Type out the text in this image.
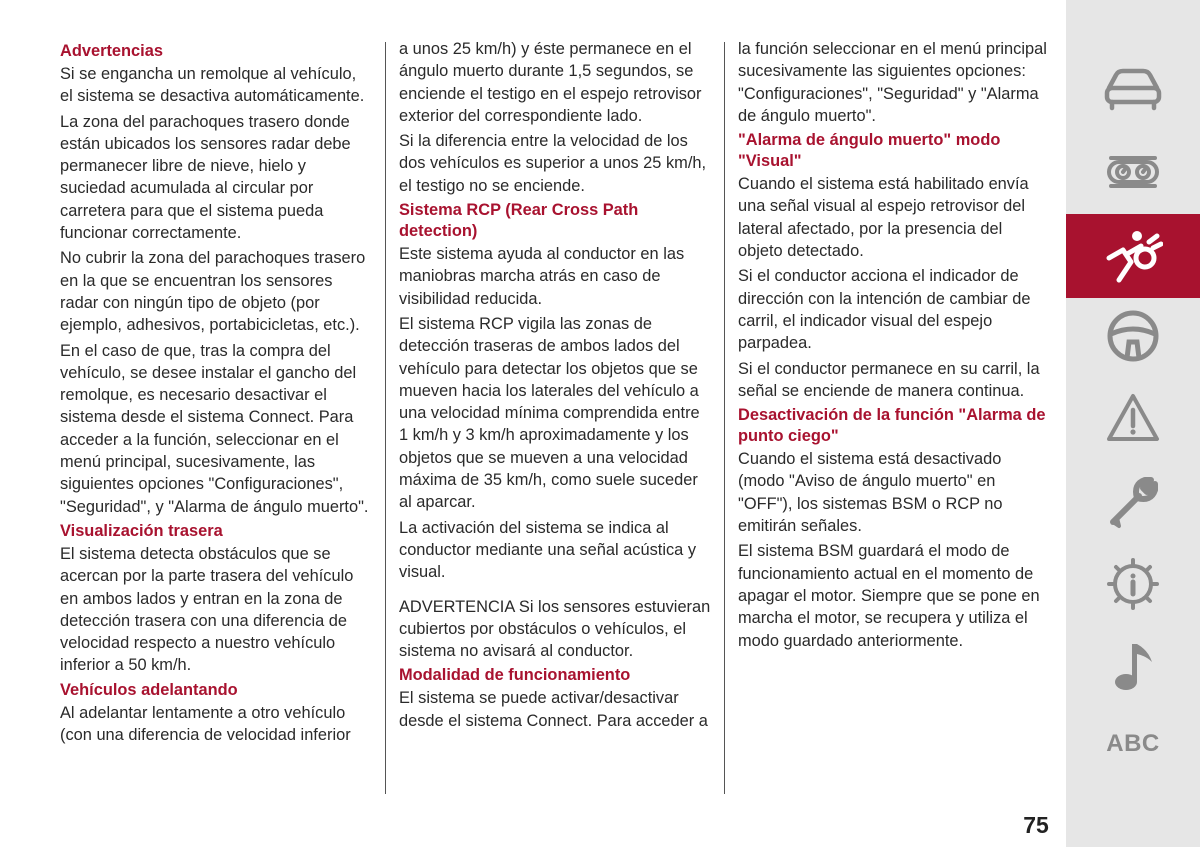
Advertencias

Si se engancha un remolque al vehículo, el sistema se desactiva automáticamente.

La zona del parachoques trasero donde están ubicados los sensores radar debe permanecer libre de nieve, hielo y suciedad acumulada al circular por carretera para que el sistema pueda funcionar correctamente.

No cubrir la zona del parachoques trasero en la que se encuentran los sensores radar con ningún tipo de objeto (por ejemplo, adhesivos, portabicicletas, etc.).

En el caso de que, tras la compra del vehículo, se desee instalar el gancho del remolque, es necesario desactivar el sistema desde el sistema Connect. Para acceder a la función, seleccionar en el menú principal, sucesivamente, las siguientes opciones "Configuraciones", "Seguridad", y "Alarma de ángulo muerto".

Visualización trasera

El sistema detecta obstáculos que se acercan por la parte trasera del vehículo en ambos lados y entran en la zona de detección trasera con una diferencia de velocidad respecto a nuestro vehículo inferior a 50 km/h.

Vehículos adelantando

Al adelantar lentamente a otro vehículo (con una diferencia de velocidad inferior

a unos 25 km/h) y éste permanece en el ángulo muerto durante 1,5 segundos, se enciende el testigo en el espejo retrovisor exterior del correspondiente lado.

Si la diferencia entre la velocidad de los dos vehículos es superior a unos 25 km/h, el testigo no se enciende.

Sistema RCP (Rear Cross Path detection)

Este sistema ayuda al conductor en las maniobras marcha atrás en caso de visibilidad reducida.

El sistema RCP vigila las zonas de detección traseras de ambos lados del vehículo para detectar los objetos que se mueven hacia los laterales del vehículo a una velocidad mínima comprendida entre 1 km/h y 3 km/h aproximadamente y los objetos que se mueven a una velocidad máxima de 35 km/h, como suele suceder al aparcar.

La activación del sistema se indica al conductor mediante una señal acústica y visual.

ADVERTENCIA Si los sensores estuvieran cubiertos por obstáculos o vehículos, el sistema no avisará al conductor.

Modalidad de funcionamiento

El sistema se puede activar/desactivar desde el sistema Connect. Para acceder a

la función seleccionar en el menú principal sucesivamente las siguientes opciones: "Configuraciones", "Seguridad" y "Alarma de ángulo muerto".

"Alarma de ángulo muerto" modo "Visual"

Cuando el sistema está habilitado envía una señal visual al espejo retrovisor del lateral afectado, por la presencia del objeto detectado.

Si el conductor acciona el indicador de dirección con la intención de cambiar de carril, el indicador visual del espejo parpadea.

Si el conductor permanece en su carril, la señal se enciende de manera continua.

Desactivación de la función "Alarma de punto ciego"

Cuando el sistema está desactivado (modo "Aviso de ángulo muerto" en "OFF"), los sistemas BSM o RCP no emitirán señales.

El sistema BSM guardará el modo de funcionamiento actual en el momento de apagar el motor. Siempre que se pone en marcha el motor, se recupera y utiliza el modo guardado anteriormente.

ABC
75
